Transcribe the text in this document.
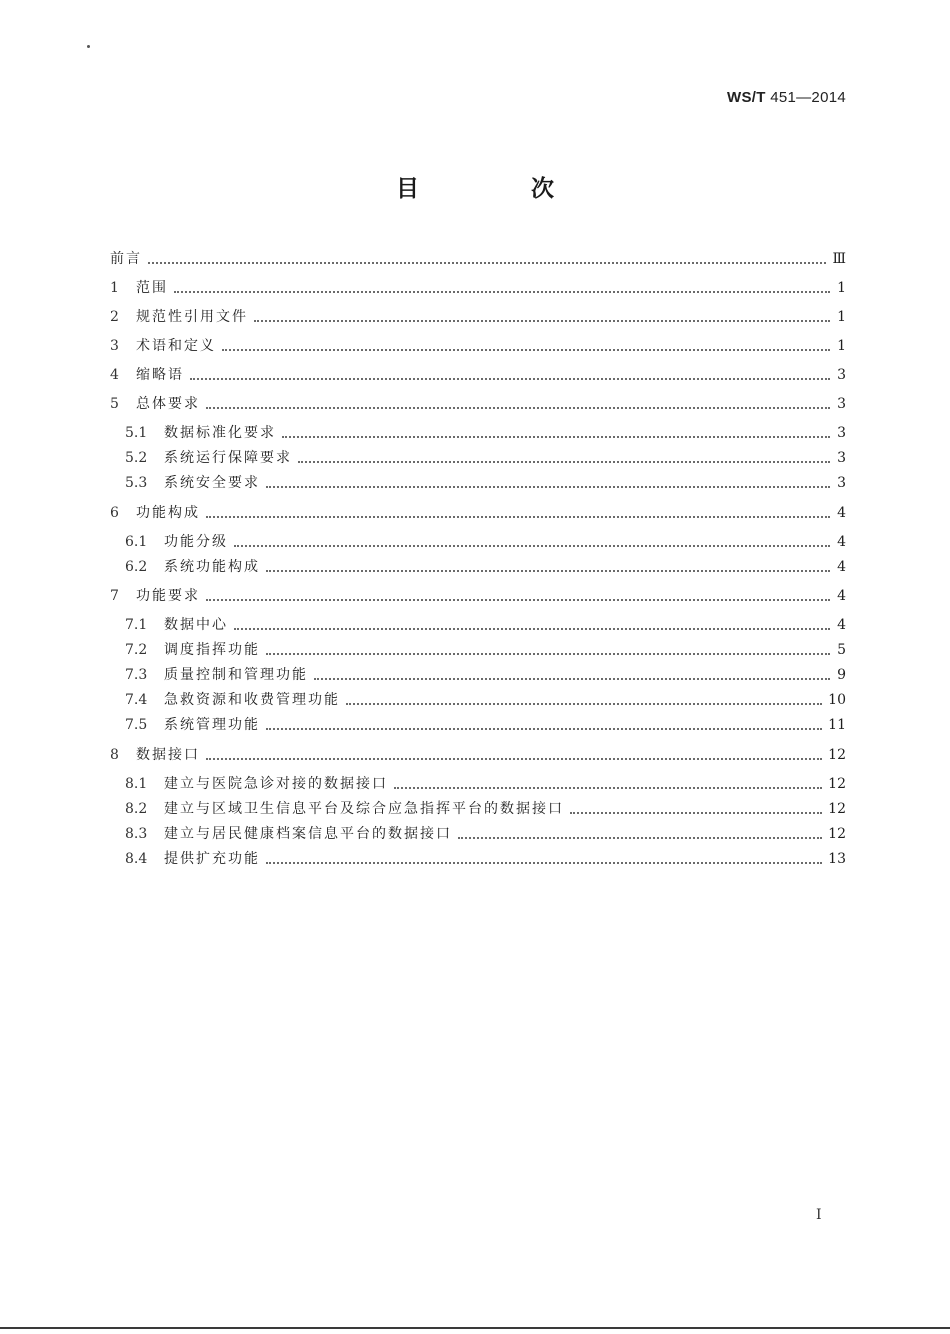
WS/T 451—2014
目 次
前言	Ⅲ
1	范围	1
2	规范性引用文件	1
3	术语和定义	1
4	缩略语	3
5	总体要求	3
5.1	数据标准化要求	3
5.2	系统运行保障要求	3
5.3	系统安全要求	3
6	功能构成	4
6.1	功能分级	4
6.2	系统功能构成	4
7	功能要求	4
7.1	数据中心	4
7.2	调度指挥功能	5
7.3	质量控制和管理功能	9
7.4	急救资源和收费管理功能	10
7.5	系统管理功能	11
8	数据接口	12
8.1	建立与医院急诊对接的数据接口	12
8.2	建立与区域卫生信息平台及综合应急指挥平台的数据接口	12
8.3	建立与居民健康档案信息平台的数据接口	12
8.4	提供扩充功能	13
Ⅰ
